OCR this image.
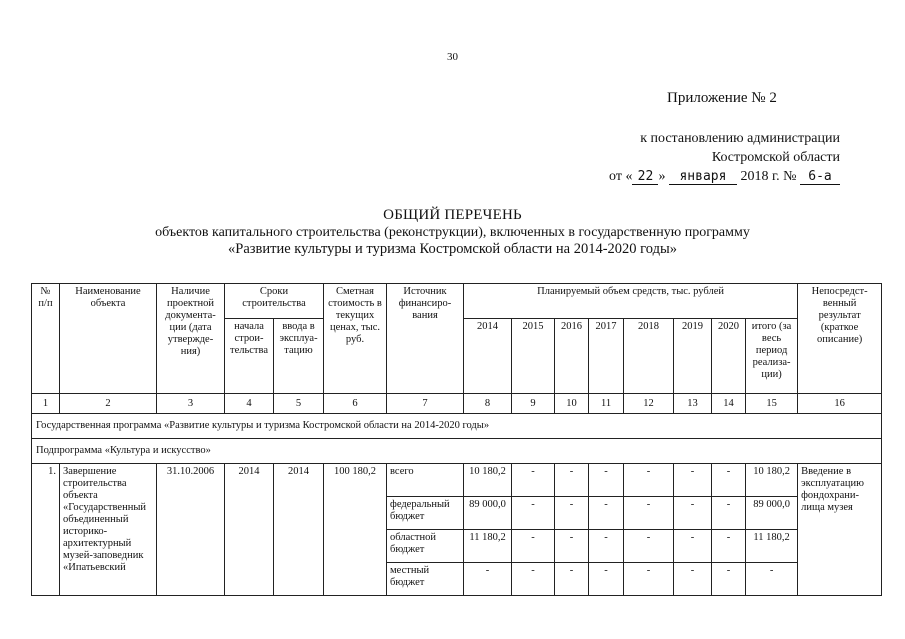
30
Приложение № 2
к постановлению администрации
Костромской области
от « 22 » января 2018 г. № 6-а
ОБЩИЙ ПЕРЕЧЕНЬ
объектов капитального строительства (реконструкции), включенных в государственную программу
«Развитие культуры и туризма Костромской области на 2014-2020 годы»
№ п/п	Наименование объекта	Наличие проектной документа-ции (дата утвержде-ния)	Сроки строительства		Сметная стоимость в текущих ценах, тыс. руб.	Источник финансиро-вания	Планируемый объем средств, тыс. рублей								Непосредст-венный результат (краткое описание)
			начала строи-тельства	ввода в эксплуа-тацию			2014	2015	2016	2017	2018	2019	2020	итого (за весь период реализа-ции)	
1	2	3	4	5	6	7	8	9	10	11	12	13	14	15	16
Государственная программа «Развитие культуры и туризма Костромской области на 2014-2020 годы»															
Подпрограмма «Культура и искусство»															
1.	Завершение строительства объекта «Государственный объединенный историко-архитектурный музей-заповедник «Ипатьевский	31.10.2006	2014	2014	100 180,2	всего	10 180,2	-	-	-	-	-	-	10 180,2	Введение в эксплуатацию фондохрани-лища музея
						федеральный бюджет	89 000,0	-	-	-	-	-	-	89 000,0	
						областной бюджет	11 180,2	-	-	-	-	-	-	11 180,2	
						местный бюджет	-	-	-	-	-	-	-	-	
